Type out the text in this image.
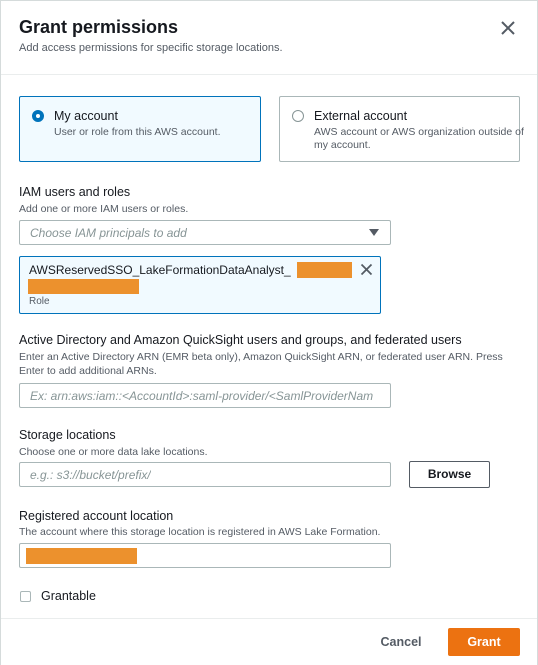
Grant permissions
Add access permissions for specific storage locations.
My account
User or role from this AWS account.
External account
AWS account or AWS organization outside of my account.
IAM users and roles
Add one or more IAM users or roles.
Choose IAM principals to add
AWSReservedSSO_LakeFormationDataAnalyst_
Role
Active Directory and Amazon QuickSight users and groups, and federated users
Enter an Active Directory ARN (EMR beta only), Amazon QuickSight ARN, or federated user ARN. Press Enter to add additional ARNs.
Ex: arn:aws:iam::<AccountId>:saml-provider/<SamlProviderNam
Storage locations
Choose one or more data lake locations.
e.g.: s3://bucket/prefix/	Browse
Registered account location
The account where this storage location is registered in AWS Lake Formation.
Grantable
Cancel	Grant
